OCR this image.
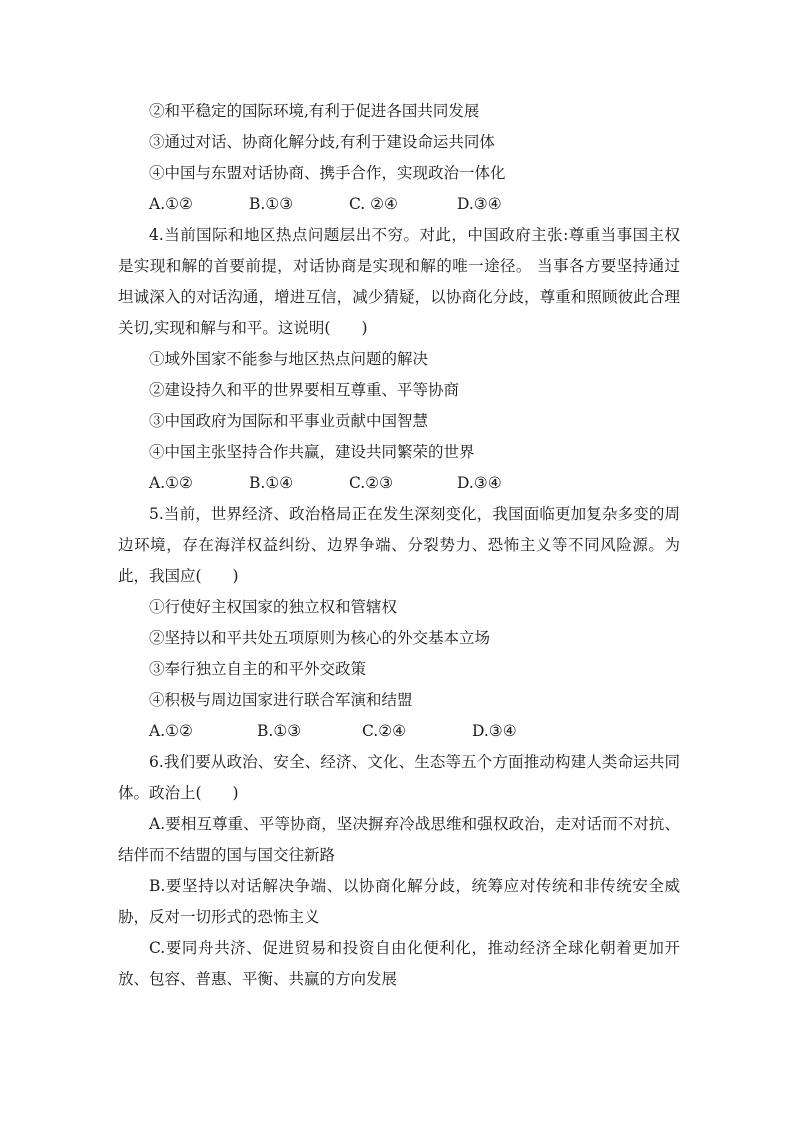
②和平稳定的国际环境,有利于促进各国共同发展
③通过对话、协商化解分歧,有利于建设命运共同体
④中国与东盟对话协商、携手合作，实现政治一体化
A.①②	B.①③	C. ②④	D.③④
4.当前国际和地区热点问题层出不穷。对此，中国政府主张:尊重当事国主权是实现和解的首要前提，对话协商是实现和解的唯一途径。 当事各方要坚持通过坦诚深入的对话沟通，增进互信，减少猜疑，以协商化分歧，尊重和照顾彼此合理关切,实现和解与和平。这说明(　　)
①域外国家不能参与地区热点问题的解决
②建设持久和平的世界要相互尊重、平等协商
③中国政府为国际和平事业贡献中国智慧
④中国主张坚持合作共赢，建设共同繁荣的世界
A.①②	B.①④	C.②③	D.③④
5.当前，世界经济、政治格局正在发生深刻变化，我国面临更加复杂多变的周边环境，存在海洋权益纠纷、边界争端、分裂势力、恐怖主义等不同风险源。为此，我国应(　　)
①行使好主权国家的独立权和管辖权
②坚持以和平共处五项原则为核心的外交基本立场
③奉行独立自主的和平外交政策
④积极与周边国家进行联合军演和结盟
A.①②	B.①③	C.②④	D.③④
6.我们要从政治、安全、经济、文化、生态等五个方面推动构建人类命运共同体。政治上(　　)
A.要相互尊重、平等协商，坚决摒弃冷战思维和强权政治，走对话而不对抗、结伴而不结盟的国与国交往新路
B.要坚持以对话解决争端、以协商化解分歧，统筹应对传统和非传统安全威胁，反对一切形式的恐怖主义
C.要同舟共济、促进贸易和投资自由化便利化，推动经济全球化朝着更加开放、包容、普惠、平衡、共赢的方向发展
